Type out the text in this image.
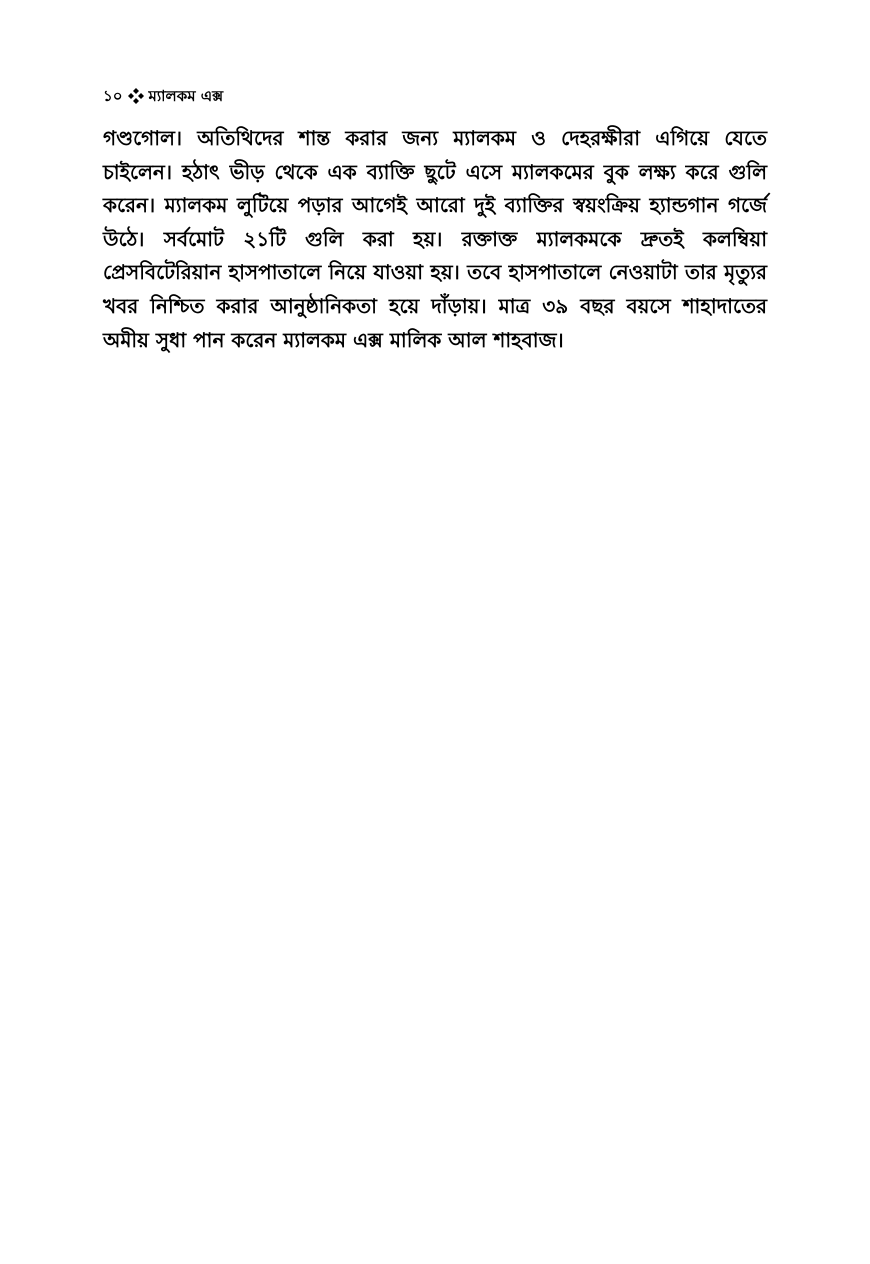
১০ ম্যালকম এক্স

গণ্ডগোল। অতিথিদের শান্ত করার জন্য ম্যালকম ও দেহরক্ষীরা এগিয়ে যেতে চাইলেন। হঠাৎ ভীড় থেকে এক ব্যাক্তি ছুটে এসে ম্যালকমের বুক লক্ষ্য করে গুলি করেন। ম্যালকম লুটিয়ে পড়ার আগেই আরো দুই ব্যাক্তির স্বয়ংক্রিয় হ্যান্ডগান গর্জে উঠে। সর্বমোট ২১টি গুলি করা হয়। রক্তাক্ত ম্যালকমকে দ্রুতই কলম্বিয়া প্রেসবিটেরিয়ান হাসপাতালে নিয়ে যাওয়া হয়। তবে হাসপাতালে নেওয়াটা তার মৃত্যুর খবর নিশ্চিত করার আনুষ্ঠানিকতা হয়ে দাঁড়ায়। মাত্র ৩৯ বছর বয়সে শাহাদাতের অমীয় সুধা পান করেন ম্যালকম এক্স মালিক আল শাহবাজ।
